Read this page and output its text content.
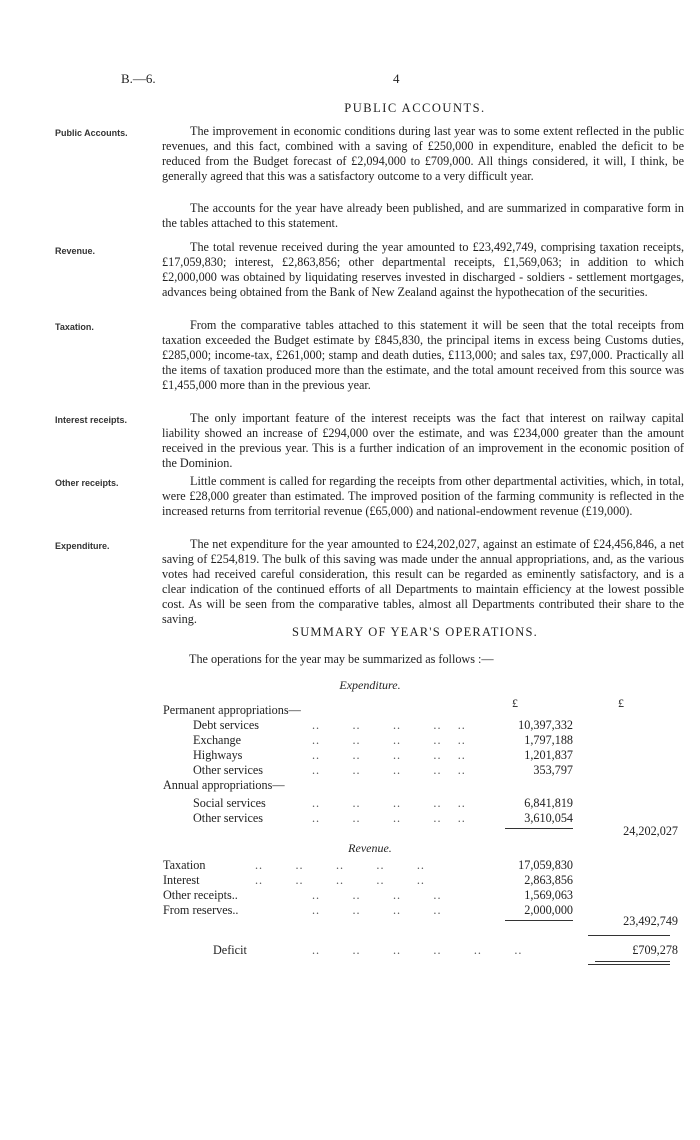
B.—6.	4
PUBLIC ACCOUNTS.
Public Accounts.
Revenue.
Taxation.
Interest receipts.
Other receipts.
Expenditure.

The improvement in economic conditions during last year was to some extent reflected in the public revenues, and this fact, combined with a saving of £250,000 in expenditure, enabled the deficit to be reduced from the Budget forecast of £2,094,000 to £709,000. All things considered, it will, I think, be generally agreed that this was a satisfactory outcome to a very difficult year.

The accounts for the year have already been published, and are summarized in comparative form in the tables attached to this statement.

The total revenue received during the year amounted to £23,492,749, comprising taxation receipts, £17,059,830; interest, £2,863,856; other departmental receipts, £1,569,063; in addition to which £2,000,000 was obtained by liquidating reserves invested in discharged - soldiers - settlement mortgages, advances being obtained from the Bank of New Zealand against the hypothecation of the securities.

From the comparative tables attached to this statement it will be seen that the total receipts from taxation exceeded the Budget estimate by £845,830, the principal items in excess being Customs duties, £285,000; income-tax, £261,000; stamp and death duties, £113,000; and sales tax, £97,000. Practically all the items of taxation produced more than the estimate, and the total amount received from this source was £1,455,000 more than in the previous year.

The only important feature of the interest receipts was the fact that interest on railway capital liability showed an increase of £294,000 over the estimate, and was £234,000 greater than the amount received in the previous year. This is a further indication of an improvement in the economic position of the Dominion.

Little comment is called for regarding the receipts from other departmental activities, which, in total, were £28,000 greater than estimated. The improved position of the farming community is reflected in the increased returns from territorial revenue (£65,000) and national-endowment revenue (£19,000).

The net expenditure for the year amounted to £24,202,027, against an estimate of £24,456,846, a net saving of £254,819. The bulk of this saving was made under the annual appropriations, and, as the various votes had received careful consideration, this result can be regarded as eminently satisfactory, and is a clear indication of the continued efforts of all Departments to maintain efficiency at the lowest possible cost. As will be seen from the comparative tables, almost all Departments contributed their share to the saving.

SUMMARY OF YEAR'S OPERATIONS.
The operations for the year may be summarized as follows :—
Expenditure.
£	£
Permanent appropriations—
Debt services	..        ..        ..        ..    ..	10,397,332
Exchange	..        ..        ..        ..    ..	1,797,188
Highways	..        ..        ..        ..    ..	1,201,837
Other services	..        ..        ..        ..    ..	353,797
Annual appropriations—
Social services	..        ..        ..        ..    ..	6,841,819
Other services	..        ..        ..        ..    ..	3,610,054
24,202,027
Revenue.
Taxation	..        ..        ..        ..        ..	17,059,830
Interest	..        ..        ..        ..        ..	2,863,856
Other receipts..	..        ..        ..        ..	1,569,063
From reserves..	..        ..        ..        ..	2,000,000
23,492,749
Deficit	..        ..        ..        ..        ..        ..	£709,278
